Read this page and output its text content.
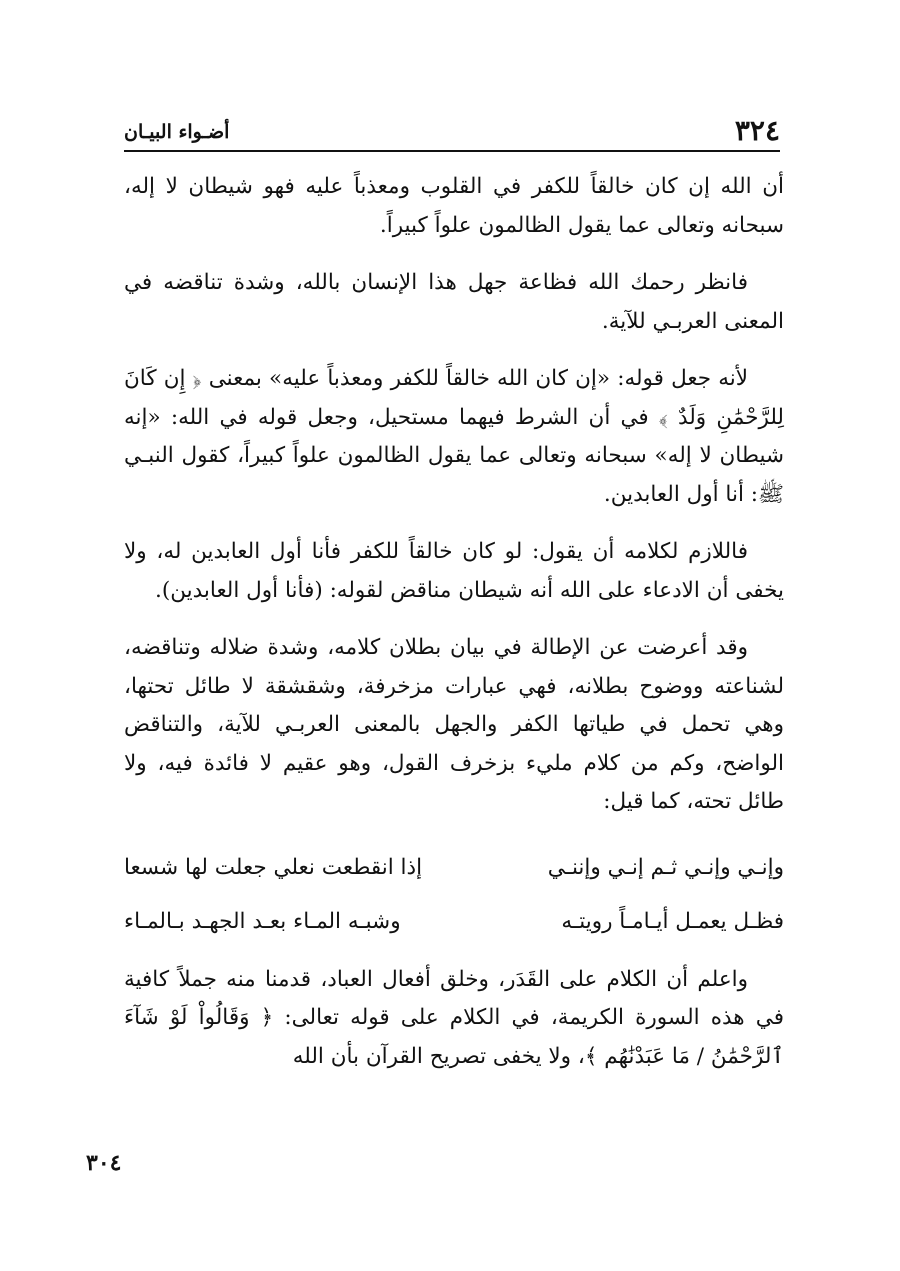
٣٢٤
أضـواء البيـان

أن الله إن كان خالقاً للكفر في القلوب ومعذباً عليه فهو شيطان لا إله، سبحانه وتعالى عما يقول الظالمون علواً كبيراً.

فانظر رحمك الله فظاعة جهل هذا الإنسان بالله، وشدة تناقضه في المعنى العربـي للآية.

لأنه جعل قوله: «إن كان الله خالقاً للكفر ومعذباً عليه» بمعنى ﴿ إِن كَانَ لِلرَّحْمَٰنِ وَلَدٌ ﴾ في أن الشرط فيهما مستحيل، وجعل قوله في الله: «إنه شيطان لا إله» سبحانه وتعالى عما يقول الظالمون علواً كبيراً، كقول النبـي ﷺ: أنا أول العابدين.

فاللازم لكلامه أن يقول: لو كان خالقاً للكفر فأنا أول العابدين له، ولا يخفى أن الادعاء على الله أنه شيطان مناقض لقوله: (فأنا أول العابدين).

وقد أعرضت عن الإطالة في بيان بطلان كلامه، وشدة ضلاله وتناقضه، لشناعته ووضوح بطلانه، فهي عبارات مزخرفة، وشقشقة لا طائل تحتها، وهي تحمل في طياتها الكفر والجهل بالمعنى العربـي للآية، والتناقض الواضح، وكم من كلام مليء بزخرف القول، وهو عقيم لا فائدة فيه، ولا طائل تحته، كما قيل:

وإنـي وإنـي ثـم إنـي وإننـي
إذا انقطعت نعلي جعلت لها شسعا
فظـل يعمـل أيـامـاً رويتـه
وشبـه المـاء بعـد الجهـد بـالمـاء

واعلم أن الكلام على القَدَر، وخلق أفعال العباد، قدمنا منه جملاً كافية في هذه السورة الكريمة، في الكلام على قوله تعالى: ﴿ وَقَالُواْ لَوْ شَآءَ ٱلرَّحْمَٰنُ / مَا عَبَدْنَٰهُم ﴾، ولا يخفى تصريح القرآن بأن الله

٣٠٤
